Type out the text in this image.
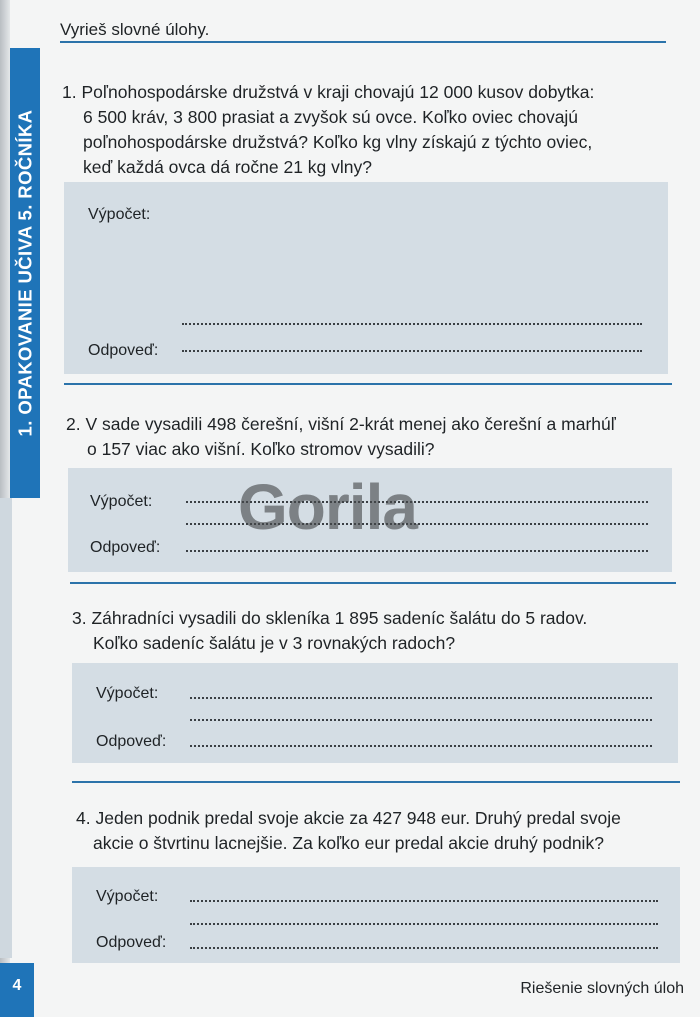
1. OPAKOVANIE UČIVA 5. ROČNÍKA
Vyrieš slovné úlohy.
1. Poľnohospodárske družstvá v kraji chovajú 12 000 kusov dobytka:
6 500 kráv, 3 800 prasiat a zvyšok sú ovce. Koľko oviec chovajú
poľnohospodárske družstvá? Koľko kg vlny získajú z týchto oviec,
keď každá ovca dá ročne 21 kg vlny?
Výpočet:
Odpoveď:
2. V sade vysadili 498 čerešní, višní 2-krát menej ako čerešní a marhúľ
o 157 viac ako višní. Koľko stromov vysadili?
Výpočet:
Odpoveď:
3. Záhradníci vysadili do skleníka 1 895 sadeníc šalátu do 5 radov.
Koľko sadeníc šalátu je v 3 rovnakých radoch?
Výpočet:
Odpoveď:
4. Jeden podnik predal svoje akcie za 427 948 eur. Druhý predal svoje
akcie o štvrtinu lacnejšie. Za koľko eur predal akcie druhý podnik?
Výpočet:
Odpoveď:
Gorila
4	Riešenie slovných úloh
